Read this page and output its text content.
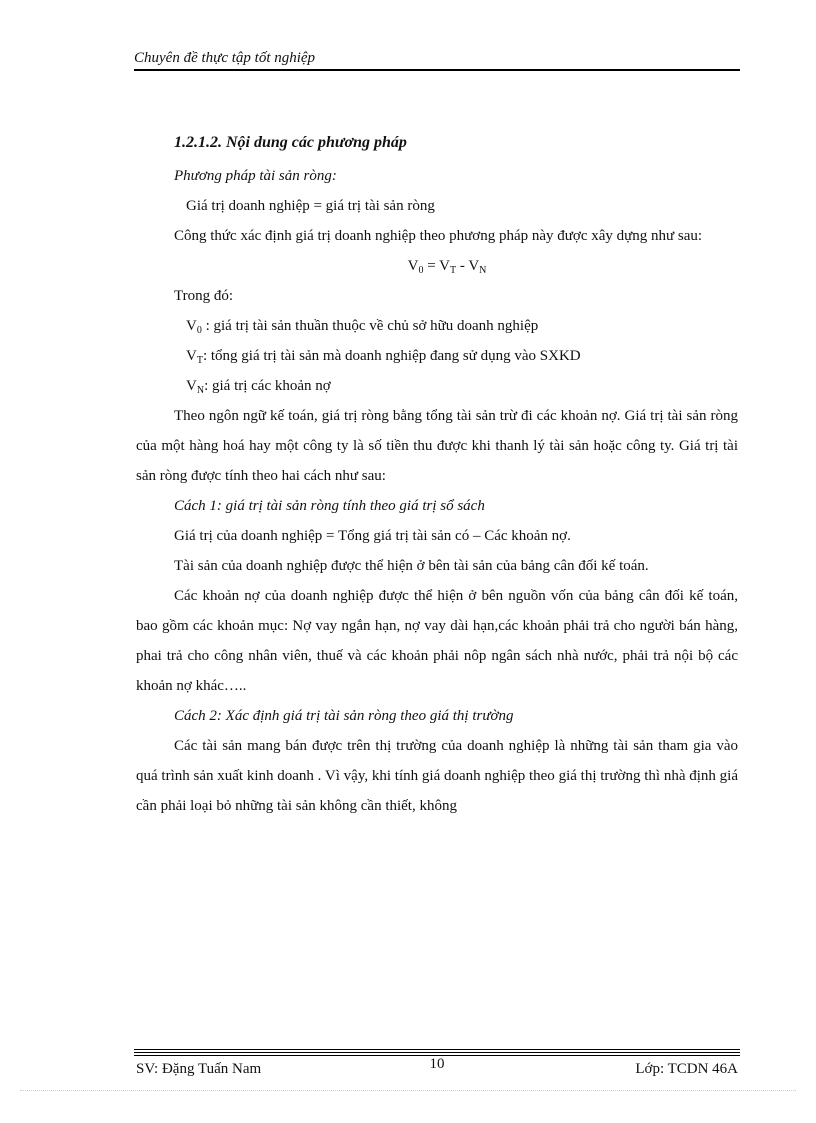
Chuyên đề thực tập tốt nghiệp

1.2.1.2. Nội dung các phương pháp

Phương pháp tài sản ròng:

Giá trị doanh nghiệp = giá trị tài sản ròng

Công thức xác định giá trị doanh nghiệp theo phương pháp này được xây dựng như sau:

$V_0 = V_T - V_N$

Trong đó:

$V_0$ : giá trị tài sản thuần thuộc về chủ sở hữu doanh nghiệp

$V_T$: tổng giá trị tài sản mà doanh nghiệp đang sử dụng vào SXKD

$V_N$: giá trị các khoản nợ

Theo ngôn ngữ kế toán, giá trị ròng bằng tổng tài sản trừ đi các khoản nợ. Giá trị tài sản ròng của một hàng hoá hay một công ty là số tiền thu được khi thanh lý tài sản hoặc công ty. Giá trị tài sản ròng được tính theo hai cách như sau:

Cách 1: giá trị tài sản ròng tính theo giá trị sổ sách

Giá trị của doanh nghiệp = Tổng giá trị tài sản có – Các khoản nợ.

Tài sản của doanh nghiệp được thể hiện ở bên tài sản của bảng cân đối kế toán.

Các khoản nợ của doanh nghiệp được thể hiện ở bên nguồn vốn của bảng cân đối kế toán, bao gồm các khoản mục: Nợ vay ngắn hạn, nợ vay dài hạn,các khoản phải trả cho người bán hàng, phai trả cho công nhân viên, thuế và các khoản phải nôp ngân sách nhà nước, phải trả nội bộ các khoản nợ khác…..

Cách 2: Xác định giá trị tài sản ròng theo giá thị trường

Các tài sản mang bán được trên thị trường của doanh nghiệp là những tài sản tham gia vào quá trình sản xuất kinh doanh . Vì vậy, khi tính giá doanh nghiệp theo giá thị trường thì nhà định giá cần phải loại bỏ những tài sản không cần thiết, không

SV: Đặng Tuấn Nam	10	Lớp: TCDN 46A
